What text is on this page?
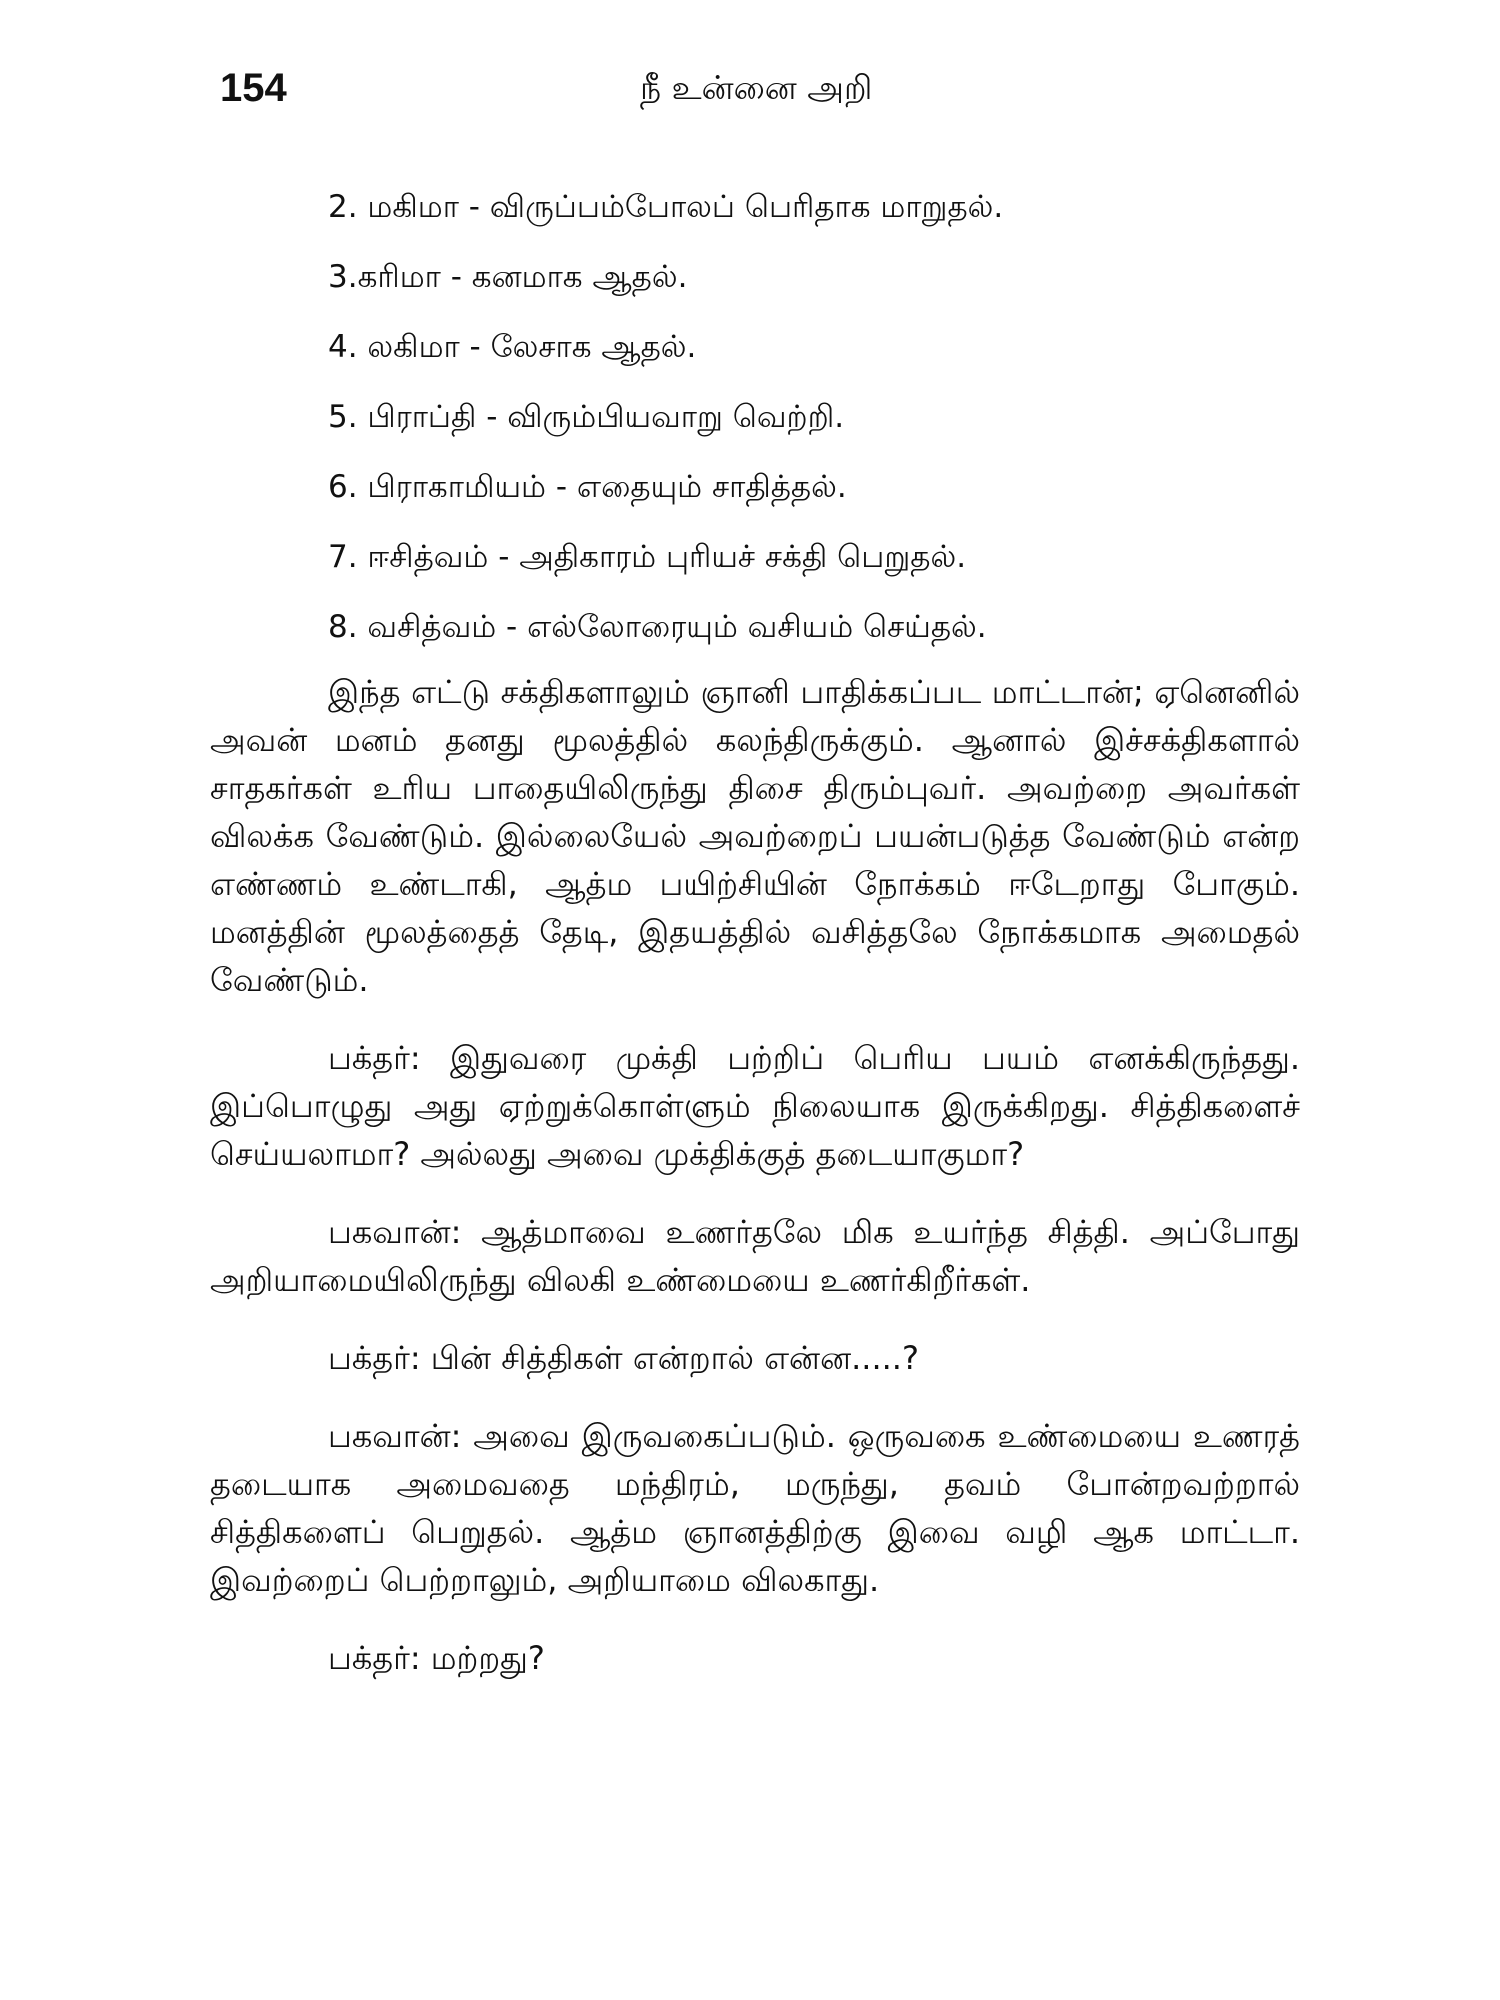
154	நீ உன்னை அறி
2. மகிமா - விருப்பம்போலப் பெரிதாக மாறுதல்.
3.கரிமா - கனமாக ஆதல்.
4. லகிமா - லேசாக ஆதல்.
5. பிராப்தி - விரும்பியவாறு வெற்றி.
6. பிராகாமியம் - எதையும் சாதித்தல்.
7. ஈசித்வம் - அதிகாரம் புரியச் சக்தி பெறுதல்.
8. வசித்வம் - எல்லோரையும் வசியம் செய்தல்.

இந்த எட்டு சக்திகளாலும் ஞானி பாதிக்கப்பட மாட்டான்; ஏனெனில் அவன் மனம் தனது மூலத்தில் கலந்திருக்கும். ஆனால் இச்சக்திகளால் சாதகர்கள் உரிய பாதையிலிருந்து திசை திரும்புவர். அவற்றை அவர்கள் விலக்க வேண்டும். இல்லையேல் அவற்றைப் பயன்படுத்த வேண்டும் என்ற எண்ணம் உண்டாகி, ஆத்ம பயிற்சியின் நோக்கம் ஈடேறாது போகும். மனத்தின் மூலத்தைத் தேடி, இதயத்தில் வசித்தலே நோக்கமாக அமைதல் வேண்டும்.

பக்தர்: இதுவரை முக்தி பற்றிப் பெரிய பயம் எனக்கிருந்தது. இப்பொழுது அது ஏற்றுக்கொள்ளும் நிலையாக இருக்கிறது. சித்திகளைச் செய்யலாமா? அல்லது அவை முக்திக்குத் தடையாகுமா?

பகவான்: ஆத்மாவை உணர்தலே மிக உயர்ந்த சித்தி. அப்போது அறியாமையிலிருந்து விலகி உண்மையை உணர்கிறீர்கள்.

பக்தர்: பின் சித்திகள் என்றால் என்ன.....?

பகவான்: அவை இருவகைப்படும். ஒருவகை உண்மையை உணரத் தடையாக அமைவதை மந்திரம், மருந்து, தவம் போன்றவற்றால் சித்திகளைப் பெறுதல். ஆத்ம ஞானத்திற்கு இவை வழி ஆக மாட்டா. இவற்றைப் பெற்றாலும், அறியாமை விலகாது.

பக்தர்: மற்றது?
